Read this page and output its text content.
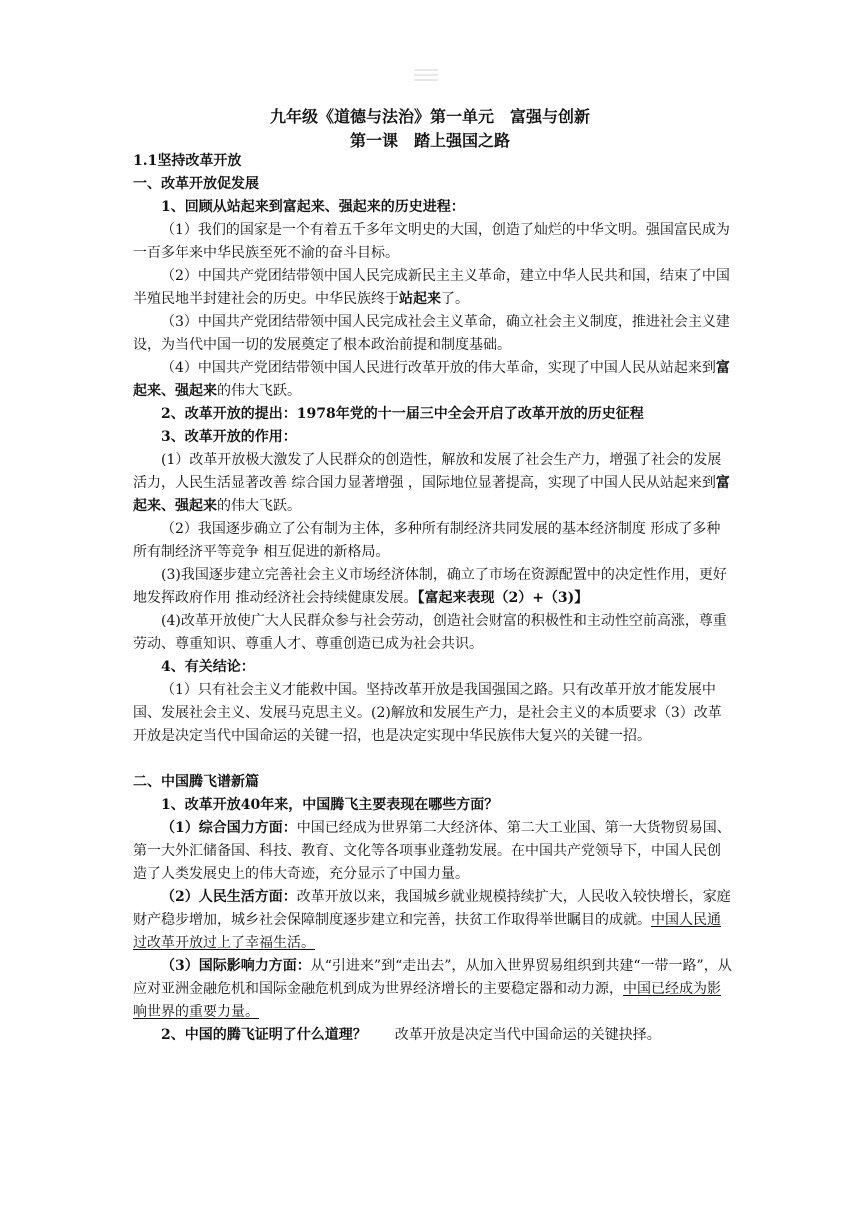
九年级《道德与法治》第一单元　富强与创新
第一课　踏上强国之路

1.1坚持改革开放

一、改革开放促发展

1、回顾从站起来到富起来、强起来的历史进程：

（1）我们的国家是一个有着五千多年文明史的大国，创造了灿烂的中华文明。强国富民成为一百多年来中华民族至死不渝的奋斗目标。

（2）中国共产党团结带领中国人民完成新民主主义革命，建立中华人民共和国，结束了中国半殖民地半封建社会的历史。中华民族终于站起来了。

（3）中国共产党团结带领中国人民完成社会主义革命，确立社会主义制度，推进社会主义建设，为当代中国一切的发展奠定了根本政治前提和制度基础。

（4）中国共产党团结带领中国人民进行改革开放的伟大革命，实现了中国人民从站起来到富起来、强起来的伟大飞跃。

2、改革开放的提出：1978年党的十一届三中全会开启了改革开放的历史征程

3、改革开放的作用：

(1）改革开放极大激发了人民群众的创造性，解放和发展了社会生产力，增强了社会的发展活力，人民生活显著改善 综合国力显著增强 ，国际地位显著提高，实现了中国人民从站起来到富起来、强起来的伟大飞跃。

（2）我国逐步确立了公有制为主体，多种所有制经济共同发展的基本经济制度 形成了多种所有制经济平等竞争 相互促进的新格局。

(3)我国逐步建立完善社会主义市场经济体制，确立了市场在资源配置中的决定性作用，更好地发挥政府作用 推动经济社会持续健康发展。【富起来表现（2）+（3)】

(4)改革开放使广大人民群众参与社会劳动，创造社会财富的积极性和主动性空前高涨，尊重劳动、尊重知识、尊重人才、尊重创造已成为社会共识。

4、有关结论：

（1）只有社会主义才能救中国。坚持改革开放是我国强国之路。只有改革开放才能发展中国、发展社会主义、发展马克思主义。(2)解放和发展生产力，是社会主义的本质要求（3）改革开放是决定当代中国命运的关键一招，也是决定实现中华民族伟大复兴的关键一招。

二、中国腾飞谱新篇

1、改革开放40年来，中国腾飞主要表现在哪些方面？

（1）综合国力方面：中国已经成为世界第二大经济体、第二大工业国、第一大货物贸易国、第一大外汇储备国、科技、教育、文化等各项事业蓬勃发展。在中国共产党领导下，中国人民创造了人类发展史上的伟大奇迹，充分显示了中国力量。

（2）人民生活方面：改革开放以来，我国城乡就业规模持续扩大，人民收入较快增长，家庭财产稳步增加，城乡社会保障制度逐步建立和完善，扶贫工作取得举世瞩目的成就。中国人民通过改革开放过上了幸福生活。

（3）国际影响力方面：从“引进来”到“走出去”，从加入世界贸易组织到共建“一带一路”，从应对亚洲金融危机和国际金融危机到成为世界经济增长的主要稳定器和动力源，中国已经成为影响世界的重要力量。

2、中国的腾飞证明了什么道理？　　 改革开放是决定当代中国命运的关键抉择。
